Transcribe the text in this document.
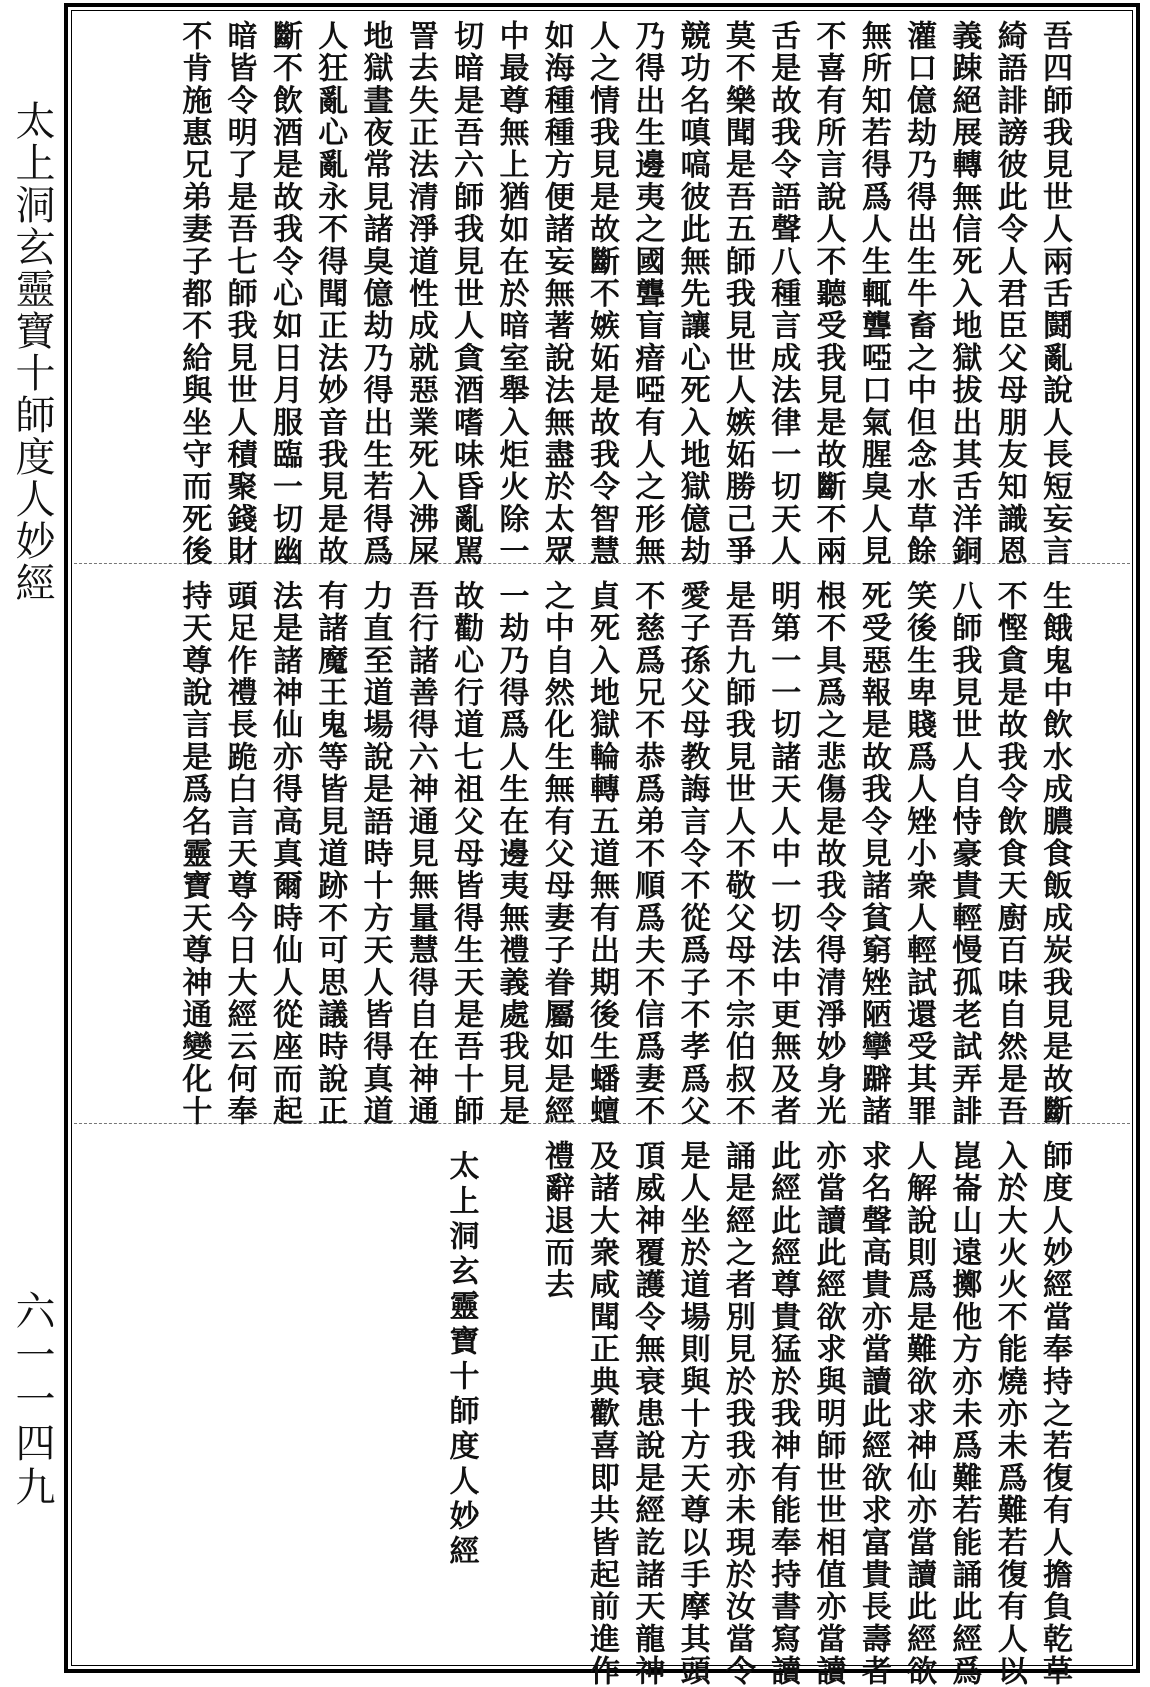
太上洞玄靈寶十師度人妙經
六一一四九
吾四師我見世人兩舌鬪亂說人長短妄言
綺語誹謗彼此令人君臣父母朋友知識恩
義踈絕展轉無信死入地獄拔出其舌洋銅
灌口億劫乃得出生牛畜之中但念水草餘
無所知若得爲人生輒聾啞口氣腥臭人見
不喜有所言說人不聽受我見是故斷不兩
舌是故我令語聲八種言成法律一切天人
莫不樂聞是吾五師我見世人嫉妬勝己爭
競功名嗔嗃彼此無先讓心死入地獄億劫
乃得出生邊夷之國聾盲瘖啞有人之形無
人之情我見是故斷不嫉妬是故我令智慧
如海種種方便諸妄無著說法無盡於太眾
中最尊無上猶如在於暗室舉入炬火除一
切暗是吾六師我見世人貪酒嗜味昏亂駡
詈去失正法清淨道性成就惡業死入沸屎
地獄晝夜常見諸臭億劫乃得出生若得爲
人狂亂心亂永不得聞正法妙音我見是故
斷不飲酒是故我令心如日月服臨一切幽
暗皆令明了是吾七師我見世人積聚錢財
不肯施惠兄弟妻子都不給與坐守而死後
生餓鬼中飲水成膿食飯成炭我見是故斷
不慳貪是故我令飲食天廚百味自然是吾
八師我見世人自恃豪貴輕慢孤老試弄誹
笑後生卑賤爲人矬小衆人輕試還受其罪
死受惡報是故我令見諸貧窮矬陋攣躃諸
根不具爲之悲傷是故我令得清淨妙身光
明第一一切諸天人中一切法中更無及者
是吾九師我見世人不敬父母不宗伯叔不
愛子孫父母教誨言令不從爲子不孝爲父
不慈爲兄不恭爲弟不順爲夫不信爲妻不
貞死入地獄輪轉五道無有出期後生蟠蟺
之中自然化生無有父母妻子眷屬如是經
一劫乃得爲人生在邊夷無禮義處我見是
故勸心行道七祖父母皆得生天是吾十師
吾行諸善得六神通見無量慧得自在神通
力直至道場說是語時十方天人皆得真道
有諸魔王鬼等皆見道跡不可思議時說正
法是諸神仙亦得高真爾時仙人從座而起
頭足作禮長跪白言天尊今日大經云何奉
持天尊說言是爲名靈寶天尊神通變化十
師度人妙經當奉持之若復有人擔負乾草
入於大火火不能燒亦未爲難若復有人以
崑崙山遠擲他方亦未爲難若能誦此經爲
人解說則爲是難欲求神仙亦當讀此經欲
求名聲高貴亦當讀此經欲求富貴長壽者
亦當讀此經欲求與明師世世相值亦當讀
此經此經尊貴猛於我神有能奉持書寫讀
誦是經之者別見於我我亦未現於汝當令
是人坐於道場則與十方天尊以手摩其頭
頂威神覆護令無衰患說是經訖諸天龍神
及諸大衆咸聞正典歡喜即共皆起前進作
禮辭退而去
太上洞玄靈寶十師度人妙經
